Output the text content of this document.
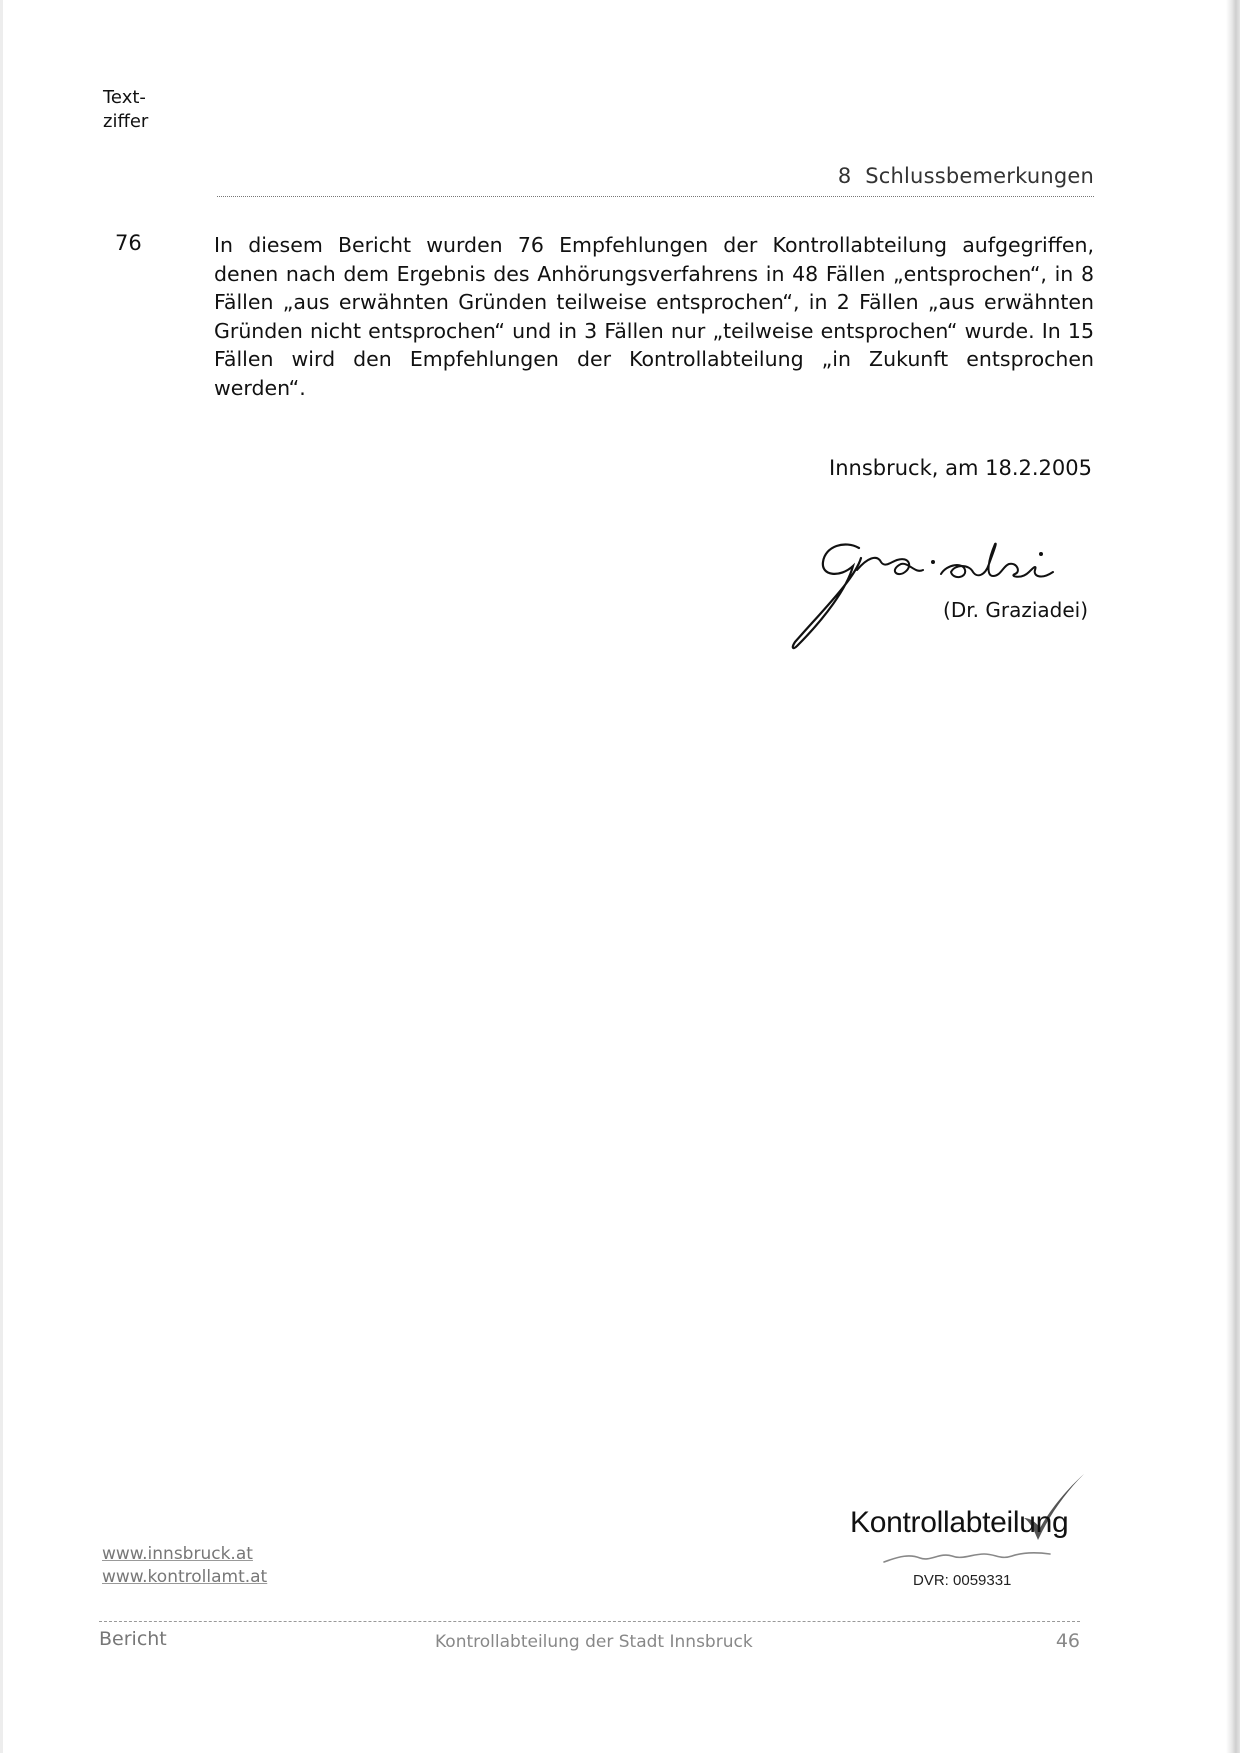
Text-
ziffer
8  Schlussbemerkungen
76	In diesem Bericht wurden 76 Empfehlungen der Kontrollabteilung aufgegriffen, denen nach dem Ergebnis des Anhörungsverfahrens in 48 Fällen „entsprochen“, in 8 Fällen „aus erwähnten Gründen teilweise entsprochen“, in 2 Fällen „aus erwähnten Gründen nicht entsprochen“ und in 3 Fällen nur „teilweise entsprochen“ wurde. In 15 Fällen wird den Empfehlungen der Kontrollabteilung „in Zukunft entsprochen werden“.
Innsbruck, am 18.2.2005
(Dr. Graziadei)
www.innsbruck.at
www.kontrollamt.at
Kontrollabteilung
DVR: 0059331
Bericht	Kontrollabteilung der Stadt Innsbruck	46
